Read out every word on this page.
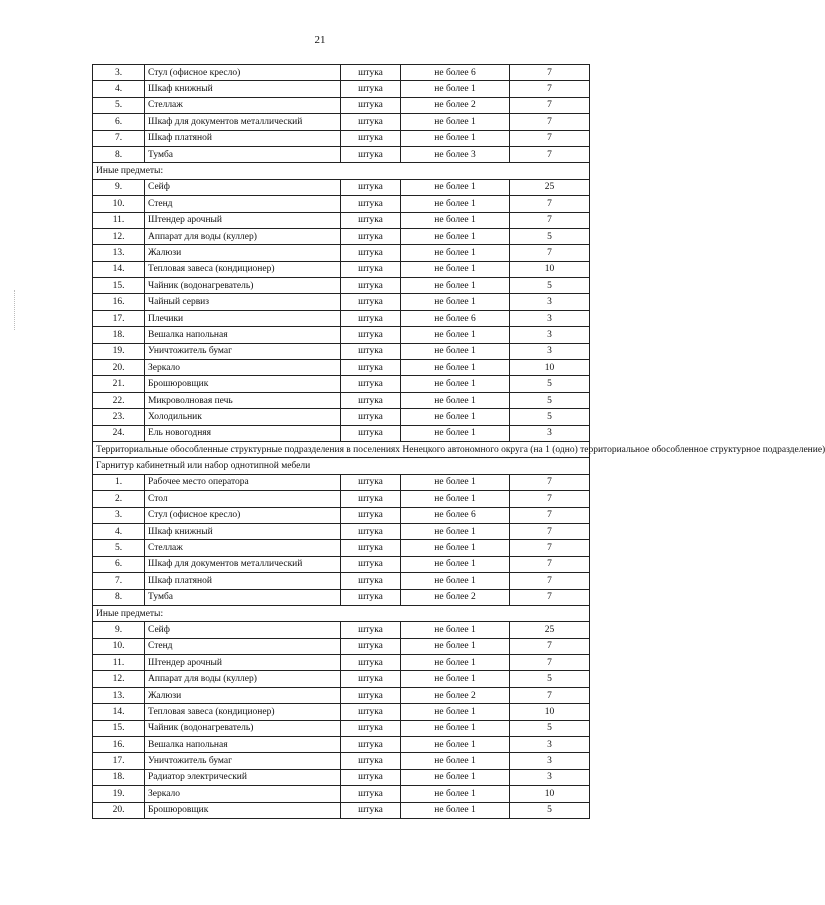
21
3.	Стул (офисное кресло)	штука	не более 6	7
4.	Шкаф книжный	штука	не более 1	7
5.	Стеллаж	штука	не более 2	7
6.	Шкаф для документов металлический	штука	не более 1	7
7.	Шкаф платяной	штука	не более 1	7
8.	Тумба	штука	не более 3	7
Иные предметы:				
9.	Сейф	штука	не более 1	25
10.	Стенд	штука	не более 1	7
11.	Штендер арочный	штука	не более 1	7
12.	Аппарат для воды (куллер)	штука	не более 1	5
13.	Жалюзи	штука	не более 1	7
14.	Тепловая завеса (кондиционер)	штука	не более 1	10
15.	Чайник (водонагреватель)	штука	не более 1	5
16.	Чайный сервиз	штука	не более 1	3
17.	Плечики	штука	не более 6	3
18.	Вешалка напольная	штука	не более 1	3
19.	Уничтожитель бумаг	штука	не более 1	3
20.	Зеркало	штука	не более 1	10
21.	Брошюровщик	штука	не более 1	5
22.	Микроволновая печь	штука	не более 1	5
23.	Холодильник	штука	не более 1	5
24.	Ель новогодняя	штука	не более 1	3
Территориальные обособленные структурные подразделения в поселениях Ненецкого автономного округа (на 1 (одно) территориальное обособленное структурное подразделение)				
Гарнитур кабинетный или набор однотипной мебели				
1.	Рабочее место оператора	штука	не более 1	7
2.	Стол	штука	не более 1	7
3.	Стул (офисное кресло)	штука	не более 6	7
4.	Шкаф книжный	штука	не более 1	7
5.	Стеллаж	штука	не более 1	7
6.	Шкаф для документов металлический	штука	не более 1	7
7.	Шкаф платяной	штука	не более 1	7
8.	Тумба	штука	не более 2	7
Иные предметы:				
9.	Сейф	штука	не более 1	25
10.	Стенд	штука	не более 1	7
11.	Штендер арочный	штука	не более 1	7
12.	Аппарат для воды (куллер)	штука	не более 1	5
13.	Жалюзи	штука	не более 2	7
14.	Тепловая завеса (кондиционер)	штука	не более 1	10
15.	Чайник (водонагреватель)	штука	не более 1	5
16.	Вешалка напольная	штука	не более 1	3
17.	Уничтожитель бумаг	штука	не более 1	3
18.	Радиатор электрический	штука	не более 1	3
19.	Зеркало	штука	не более 1	10
20.	Брошюровщик	штука	не более 1	5
